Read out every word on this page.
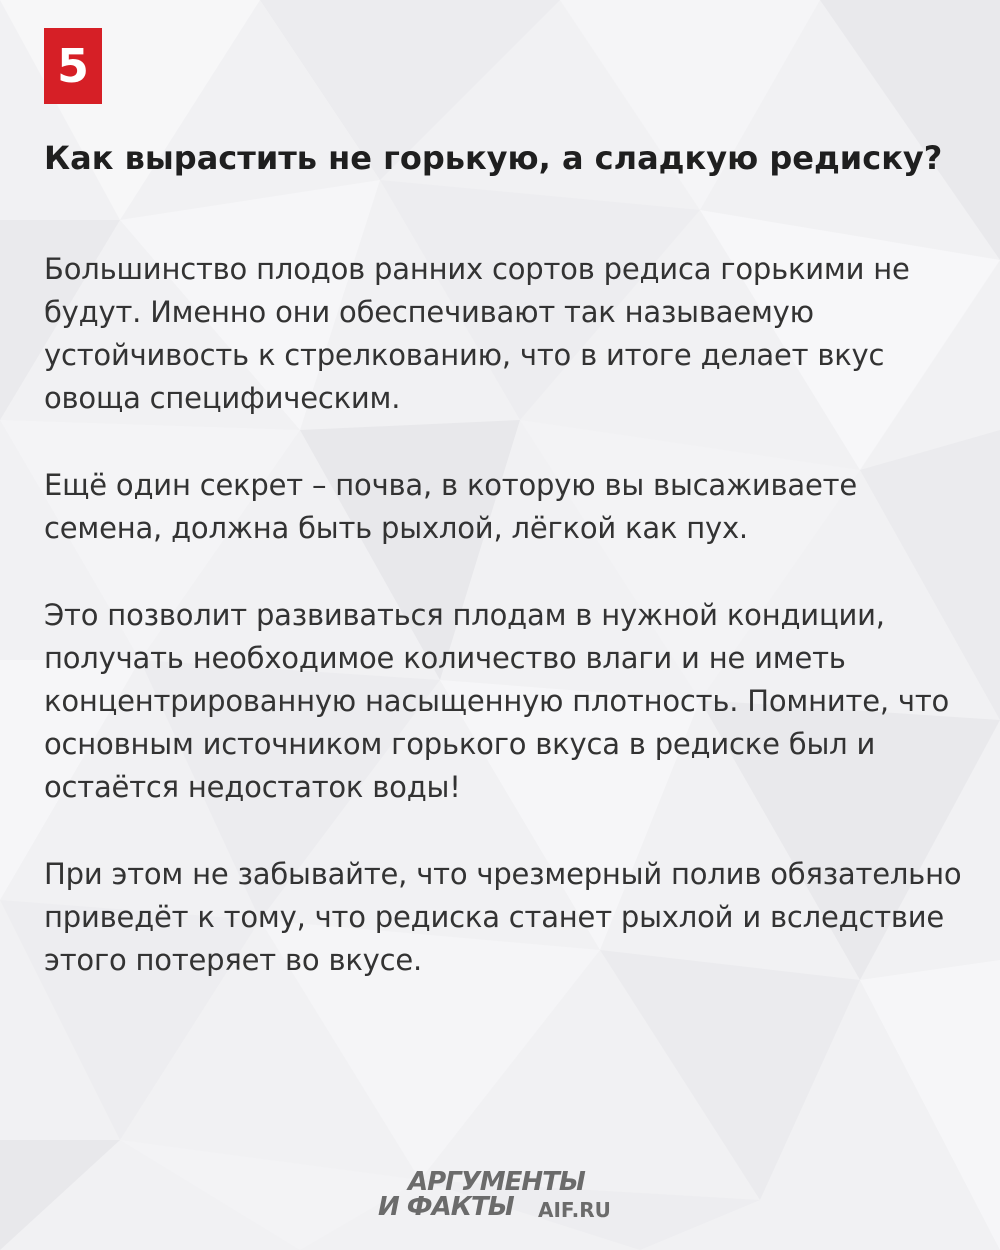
5
Как вырастить не горькую, а сладкую редиску?

Большинство плодов ранних сортов редиса горькими не будут. Именно они обеспечивают так называемую устойчивость к стрелкованию, что в итоге делает вкус овоща специфическим.

Ещё один секрет – почва, в которую вы высаживаете семена, должна быть рыхлой, лёгкой как пух.

Это позволит развиваться плодам в нужной кондиции, получать необходимое количество влаги и не иметь концентрированную насыщенную плотность. Помните, что основным источником горького вкуса в редиске был и остаётся недостаток воды!

При этом не забывайте, что чрезмерный полив обязательно приведёт к тому, что редиска станет рыхлой и вследствие этого потеряет во вкусе.

АРГУМЕНТЫ
И ФАКТЫ AIF.RU
